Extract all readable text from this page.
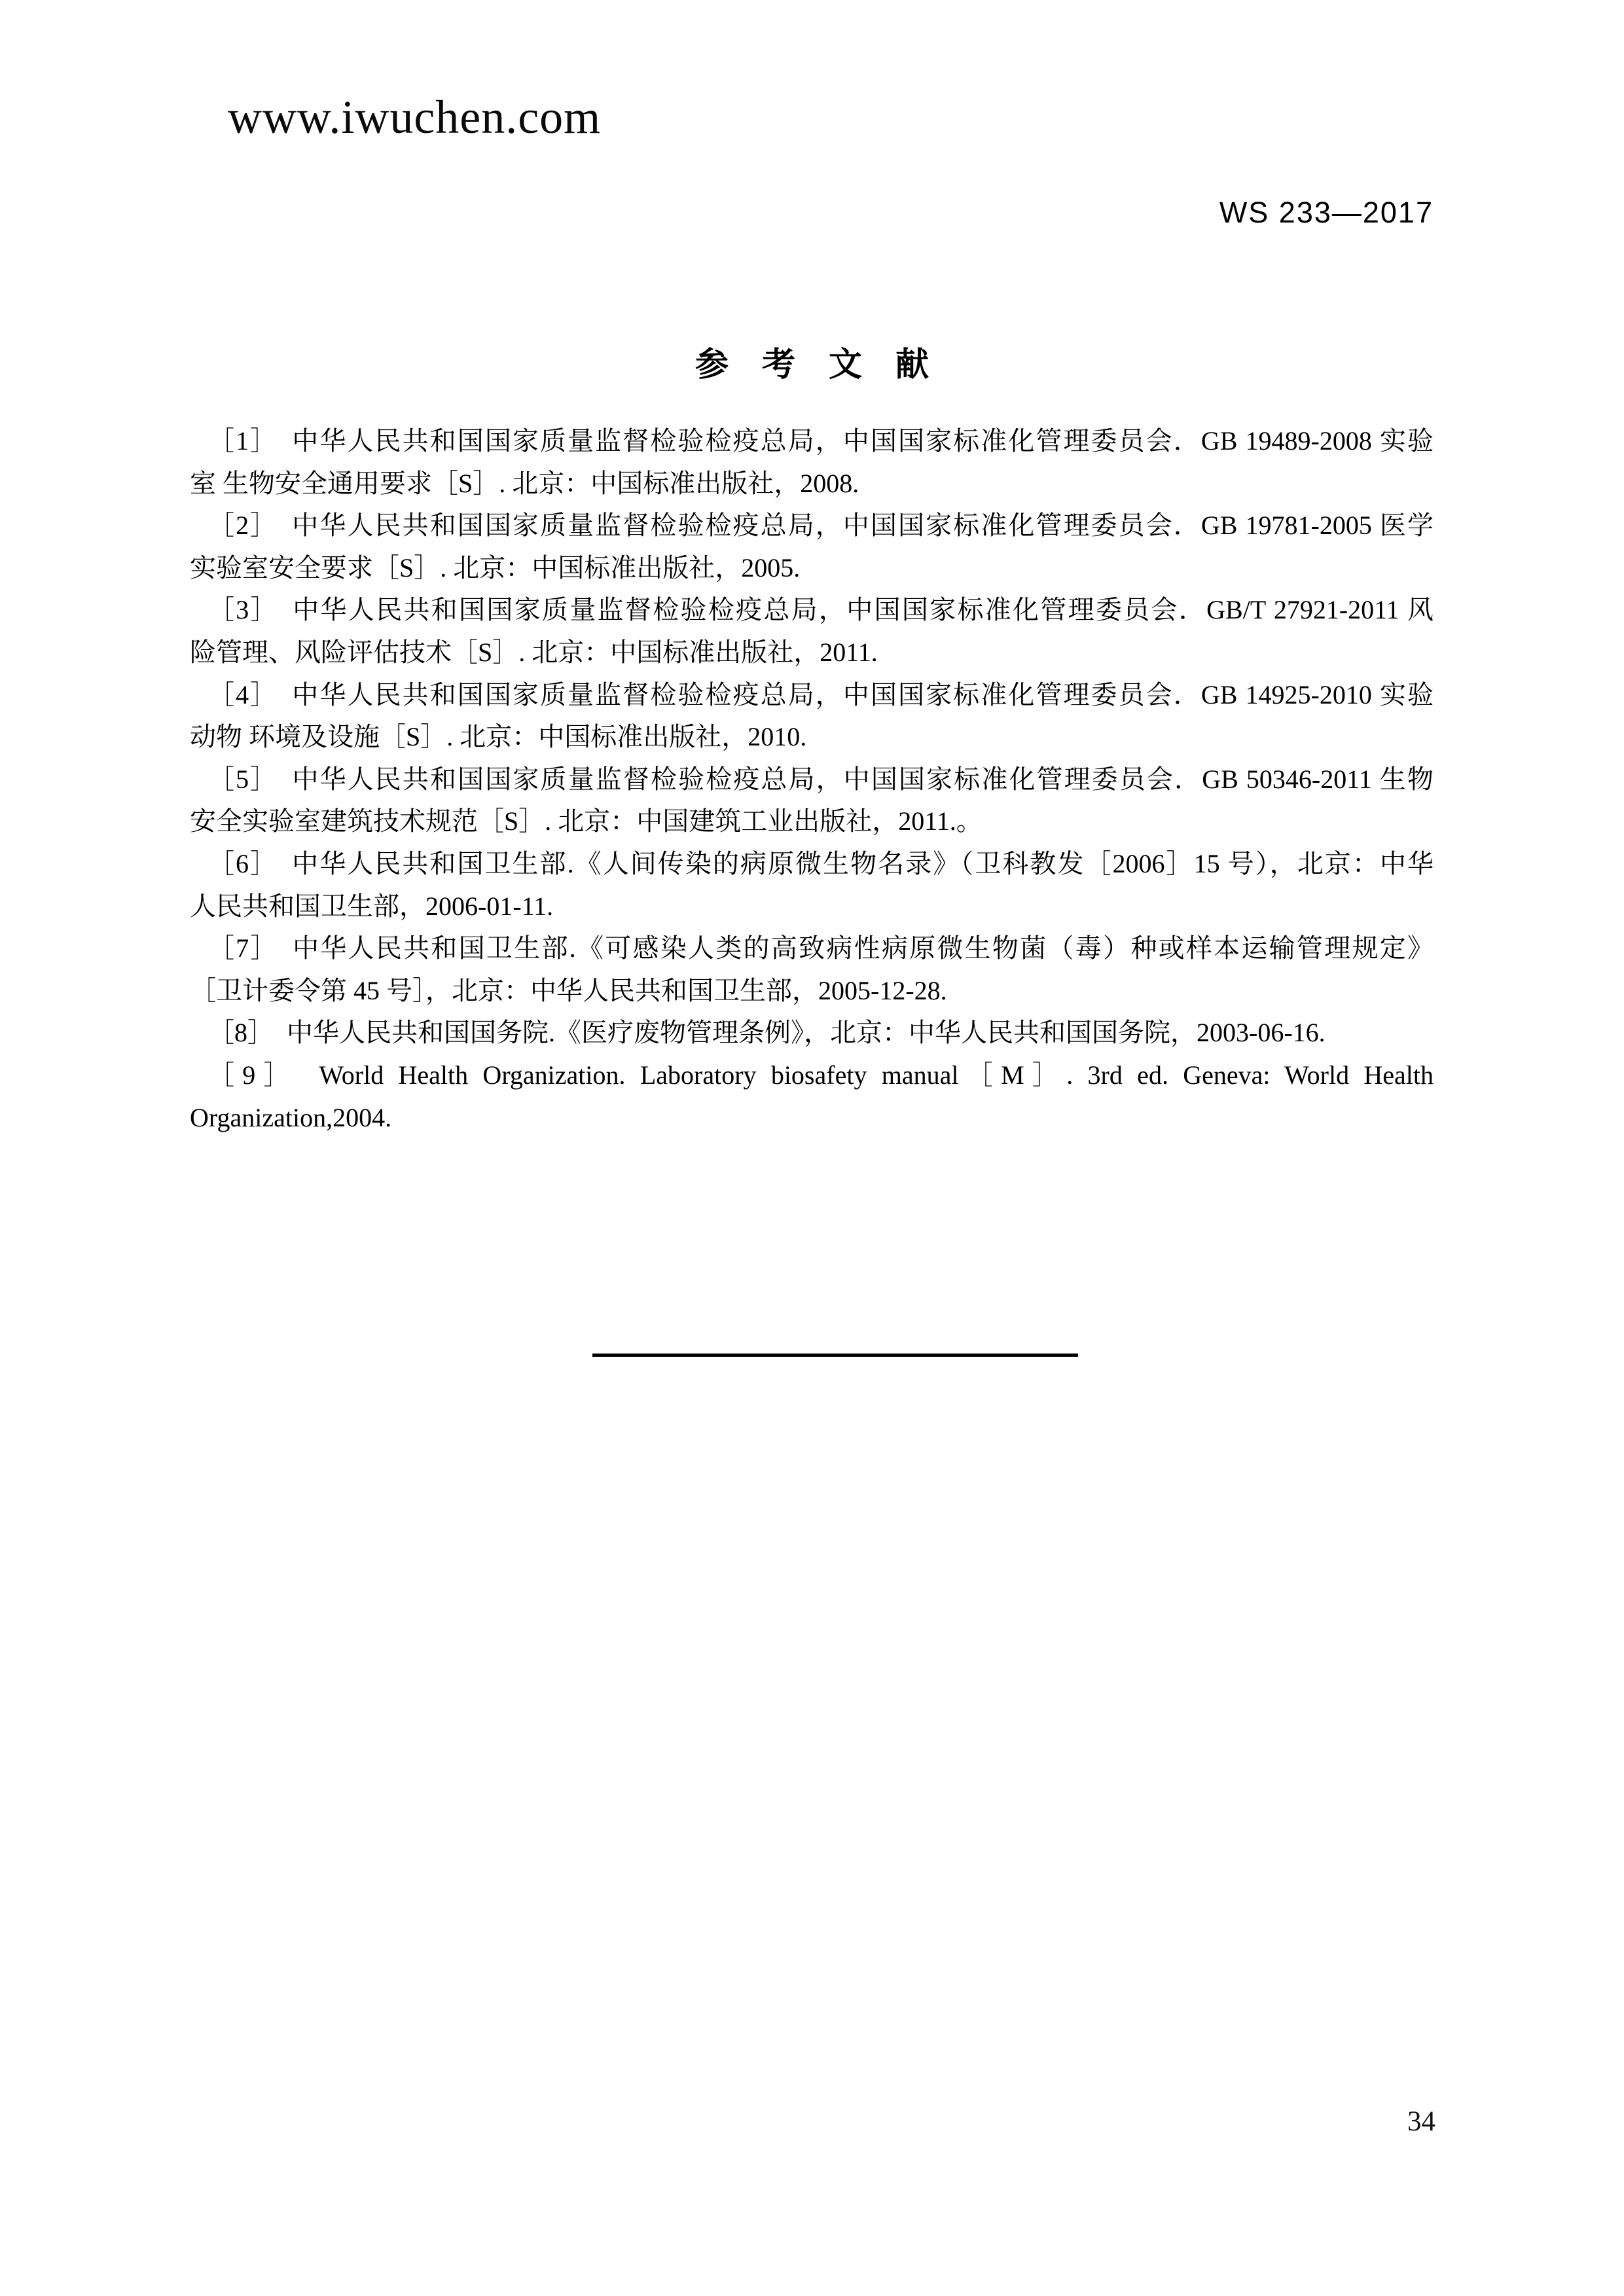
www.iwuchen.com
WS 233—2017
参　考　文　献
［1］　中华人民共和国国家质量监督检验检疫总局，中国国家标准化管理委员会．GB 19489-2008 实验
室 生物安全通用要求［S］. 北京：中国标准出版社，2008.
［2］　中华人民共和国国家质量监督检验检疫总局，中国国家标准化管理委员会．GB 19781-2005 医学
实验室安全要求［S］. 北京：中国标准出版社，2005.
［3］　中华人民共和国国家质量监督检验检疫总局，中国国家标准化管理委员会．GB/T 27921-2011 风
险管理、风险评估技术［S］. 北京：中国标准出版社，2011.
［4］　中华人民共和国国家质量监督检验检疫总局，中国国家标准化管理委员会．GB 14925-2010 实验
动物 环境及设施［S］. 北京：中国标准出版社，2010.
［5］　中华人民共和国国家质量监督检验检疫总局，中国国家标准化管理委员会．GB 50346-2011 生物
安全实验室建筑技术规范［S］. 北京：中国建筑工业出版社，2011.。
［6］　中华人民共和国卫生部.《人间传染的病原微生物名录》（卫科教发［2006］15 号），北京：中华
人民共和国卫生部，2006-01-11.
［7］　中华人民共和国卫生部.《可感染人类的高致病性病原微生物菌（毒）种或样本运输管理规定》
［卫计委令第 45 号］，北京：中华人民共和国卫生部，2005-12-28.
［8］　中华人民共和国国务院.《医疗废物管理条例》，北京：中华人民共和国国务院，2003-06-16.
［9］　World Health Organization. Laboratory biosafety manual［M］. 3rd ed. Geneva: World Health
Organization,2004.
34
